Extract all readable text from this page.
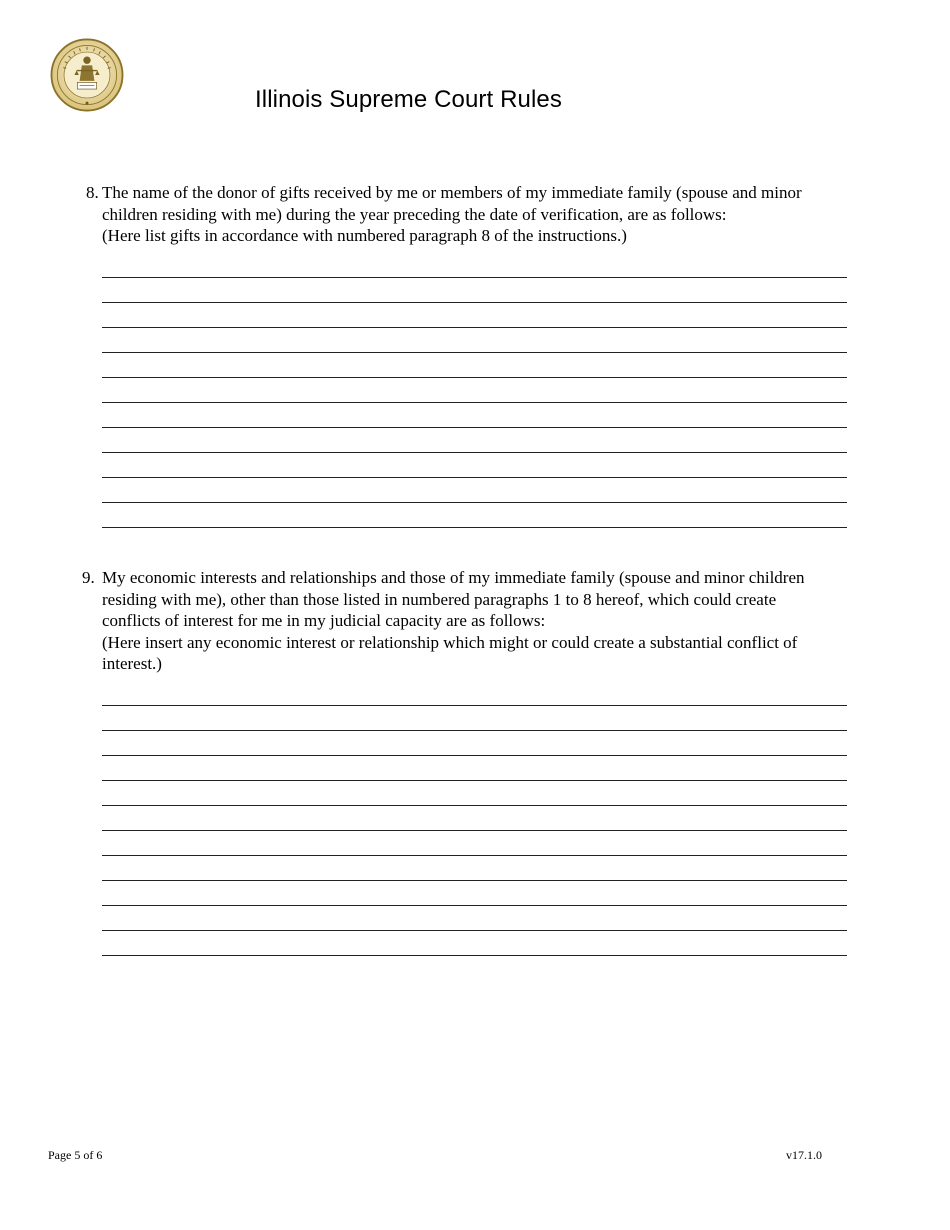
Illinois Supreme Court Rules
8. The name of the donor of gifts received by me or members of my immediate family (spouse and minor children residing with me) during the year preceding the date of verification, are as follows:

(Here list gifts in accordance with numbered paragraph 8 of the instructions.)

9. My economic interests and relationships and those of my immediate family (spouse and minor children residing with me), other than those listed in numbered paragraphs 1 to 8 hereof, which could create conflicts of interest for me in my judicial capacity are as follows:

(Here insert any economic interest or relationship which might or could create a substantial conflict of interest.)

Page 5 of 6	v17.1.0
